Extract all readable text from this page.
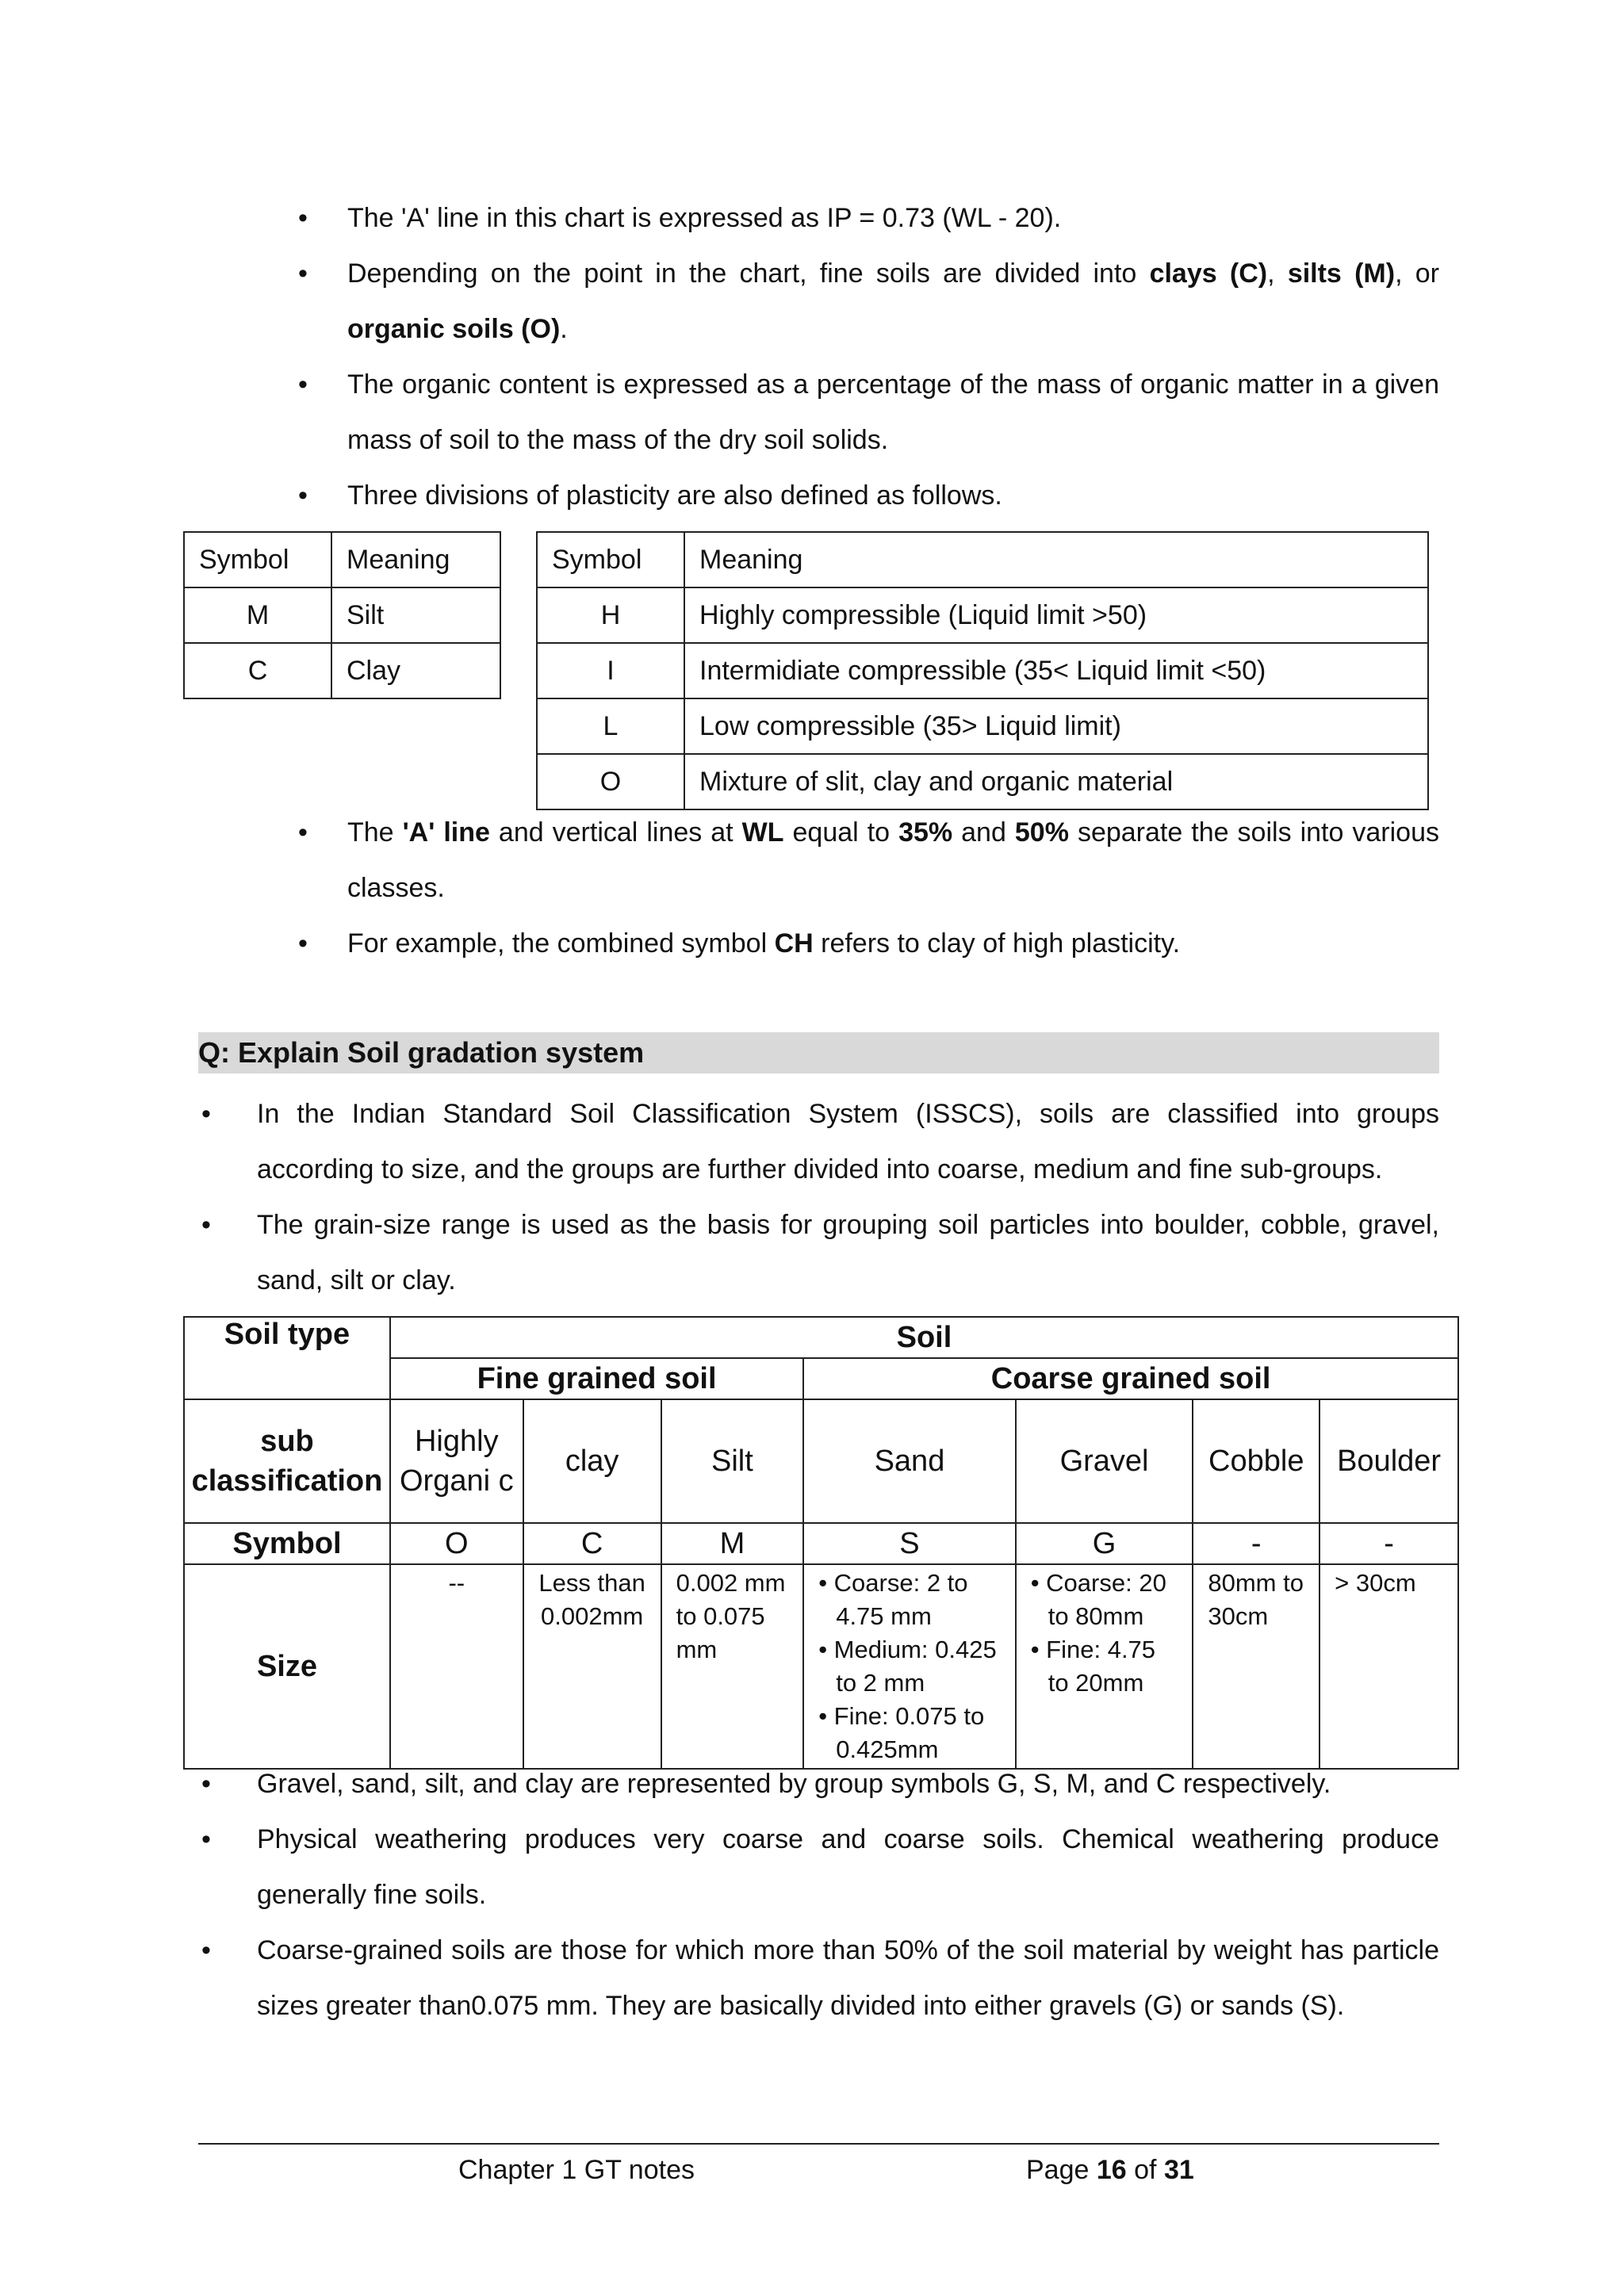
• The 'A' line in this chart is expressed as IP = 0.73 (WL - 20).
• Depending on the point in the chart, fine soils are divided into clays (C), silts (M), or organic soils (O).
• The organic content is expressed as a percentage of the mass of organic matter in a given mass of soil to the mass of the dry soil solids.
• Three divisions of plasticity are also defined as follows.
Symbol	Meaning
M	Silt
C	Clay
Symbol	Meaning
H	Highly compressible (Liquid limit >50)
I	Intermidiate compressible (35< Liquid limit <50)
L	Low compressible (35> Liquid limit)
O	Mixture of slit, clay and organic material
• The 'A' line and vertical lines at WL equal to 35% and 50% separate the soils into various classes.
• For example, the combined symbol CH refers to clay of high plasticity.
Q: Explain Soil gradation system
• In the Indian Standard Soil Classification System (ISSCS), soils are classified into groups according to size, and the groups are further divided into coarse, medium and fine sub-groups.
• The grain-size range is used as the basis for grouping soil particles into boulder, cobble, gravel, sand, silt or clay.
Soil type	Soil						
	Fine grained soil			Coarse grained soil			
sub classification	Highly Organi c	clay	Silt	Sand	Gravel	Cobble	Boulder
Symbol	O	C	M	S	G	-	-
Size	--	Less than 0.002mm	0.002 mm to 0.075 mm	• Coarse: 2 to 4.75 mm
• Medium: 0.425 to 2 mm
• Fine: 0.075 to 0.425mm	• Coarse: 20 to 80mm
• Fine: 4.75 to 20mm	80mm to 30cm	> 30cm
• Gravel, sand, silt, and clay are represented by group symbols G, S, M, and C respectively.
• Physical weathering produces very coarse and coarse soils. Chemical weathering produce generally fine soils.
• Coarse-grained soils are those for which more than 50% of the soil material by weight has particle sizes greater than0.075 mm. They are basically divided into either gravels (G) or sands (S).
Chapter 1 GT notes	Page 16 of 31
